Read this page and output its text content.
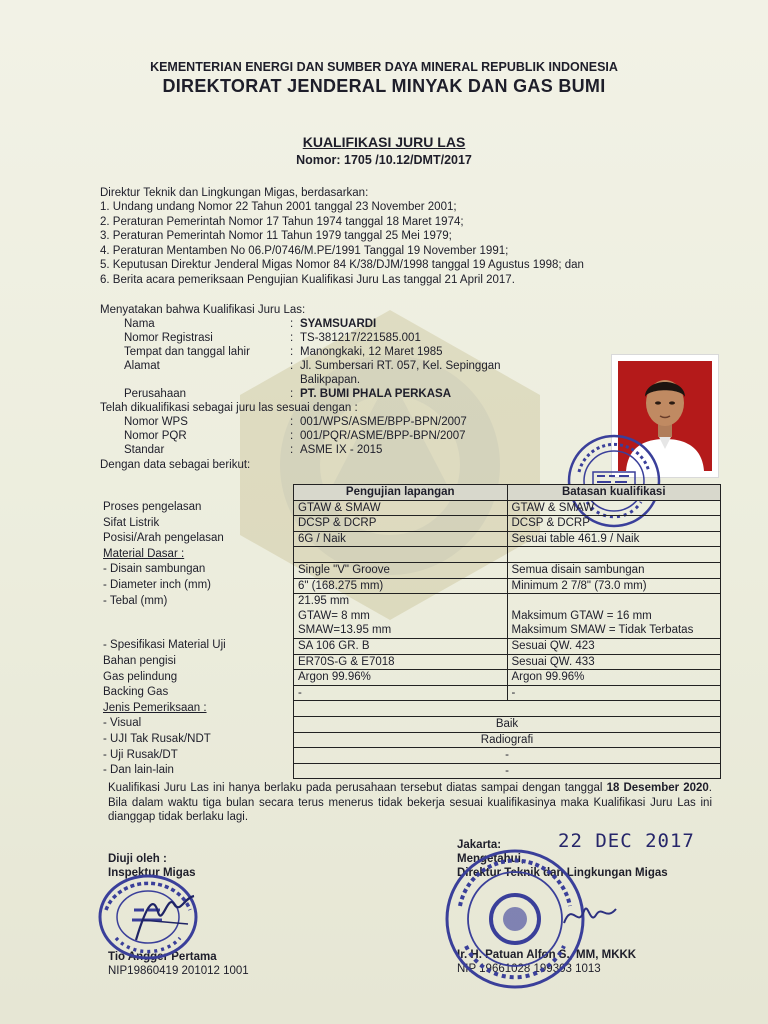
KEMENTERIAN ENERGI DAN SUMBER DAYA MINERAL REPUBLIK INDONESIA
DIREKTORAT JENDERAL MINYAK DAN GAS BUMI
KUALIFIKASI JURU LAS
Nomor: 1705 /10.12/DMT/2017
Direktur Teknik dan Lingkungan Migas, berdasarkan:
1. Undang undang Nomor 22 Tahun 2001 tanggal 23 November 2001;
2. Peraturan Pemerintah Nomor 17 Tahun 1974 tanggal 18 Maret 1974;
3. Peraturan Pemerintah Nomor 11 Tahun 1979 tanggal 25 Mei 1979;
4. Peraturan Mentamben No 06.P/0746/M.PE/1991 Tanggal 19 November 1991;
5. Keputusan Direktur Jenderal Migas Nomor 84 K/38/DJM/1998 tanggal 19 Agustus 1998; dan
6. Berita acara pemeriksaan Pengujian Kualifikasi Juru Las tanggal 21 April 2017.
Menyatakan bahwa Kualifikasi Juru Las:
Nama	: SYAMSUARDI
Nomor Registrasi	: TS-381217/221585.001
Tempat dan tanggal lahir	: Manongkaki, 12 Maret 1985
Alamat	: Jl. Sumbersari RT. 057, Kel. Sepinggan
Balikpapan.
Perusahaan	: PT. BUMI PHALA PERKASA
Telah dikualifikasi sebagai juru las sesuai dengan :
Nomor WPS	: 001/WPS/ASME/BPP-BPN/2007
Nomor PQR	: 001/PQR/ASME/BPP-BPN/2007
Standar	: ASME IX - 2015
Dengan data sebagai berikut:
	Pengujian lapangan	Batasan kualifikasi
Proses pengelasan	GTAW & SMAW	GTAW & SMAW
Sifat Listrik	DCSP & DCRP	DCSP & DCRP
Posisi/Arah pengelasan	6G / Naik	Sesuai table 461.9 / Naik
Material Dasar :		
- Disain sambungan	Single "V" Groove	Semua disain sambungan
- Diameter inch (mm)	6" (168.275 mm)	Minimum 2 7/8" (73.0 mm)
- Tebal (mm)	21.95 mm	
	GTAW= 8 mm	Maksimum GTAW = 16 mm
	SMAW=13.95 mm	Maksimum SMAW = Tidak Terbatas
- Spesifikasi Material Uji	SA 106 GR. B	Sesuai QW. 423
Bahan pengisi	ER70S-G & E7018	Sesuai QW. 433
Gas pelindung	Argon 99.96%	Argon 99.96%
Backing Gas	-	-
Jenis Pemeriksaan :		
- Visual	Baik	
- UJI Tak Rusak/NDT	Radiografi	
- Uji Rusak/DT	-	
- Dan lain-lain	-	
Kualifikasi Juru Las ini hanya berlaku pada perusahaan tersebut diatas sampai dengan tanggal 18 Desember 2020. Bila dalam waktu tiga bulan secara terus menerus tidak bekerja sesuai kualifikasinya maka Kualifikasi Juru Las ini dianggap tidak berlaku lagi.
Jakarta:	22 DEC 2017
Mengetahui,
Direktur Teknik dan Lingkungan Migas
Ir. H. Patuan Alfon S., MM, MKKK
NIP 19661028 199303 1013
Diuji oleh :
Inspektur Migas
Tio Angger Pertama
NIP19860419 201012 1001
